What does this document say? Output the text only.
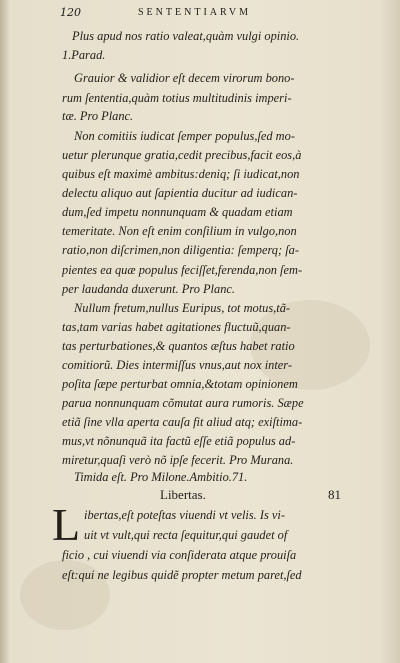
120	SENTENTIARVM
Plus apud nos ratio valeat,quàm vulgi opinio.
1.Parad.
Grauior & validior eſt decem virorum bono-
rum ſententia,quàm totius multitudinis imperi-
tæ. Pro Planc.
Non comitiis iudicat ſemper populus,ſed mo-
uetur plerunque gratia,cedit precibus,facit eos,à
quibus eſt maximè ambitus:deniq; ſi iudicat,non
delectu aliquo aut ſapientia ducitur ad iudican-
dum,ſed impetu nonnunquam & quadam etiam
temeritate. Non eſt enim conſilium in vulgo,non
ratio,non diſcrimen,non diligentia: ſemperq; ſa-
pientes ea quæ populus feciſſet,ferenda,non ſem-
per laudanda duxerunt. Pro Planc.
Nullum fretum,nullus Euripus, tot motus,tã-
tas,tam varias habet agitationes fluctuũ,quan-
tas perturbationes,& quantos æſtus habet ratio
comitiorũ. Dies intermiſſus vnus,aut nox inter-
poſita ſæpe perturbat omnia,&totam opinionem
parua nonnunquam cõmutat aura rumoris. Sæpe
etiã ſine vlla aperta cauſa fit aliud atq; exiſtima-
mus,vt nõnunquã ita factũ eſſe etiã populus ad-
miretur,quaſi verò nõ ipſe fecerit. Pro Murana.
Timida eſt. Pro Milone.Ambitio.71.
Libertas.	81
L ibertas,eſt poteſtas viuendi vt velis. Is vi-
uit vt vult,qui recta ſequitur,qui gaudet of
ficio , cui viuendi via conſiderata atque prouiſa
eſt:qui ne legibus quidẽ propter metum paret,ſed
